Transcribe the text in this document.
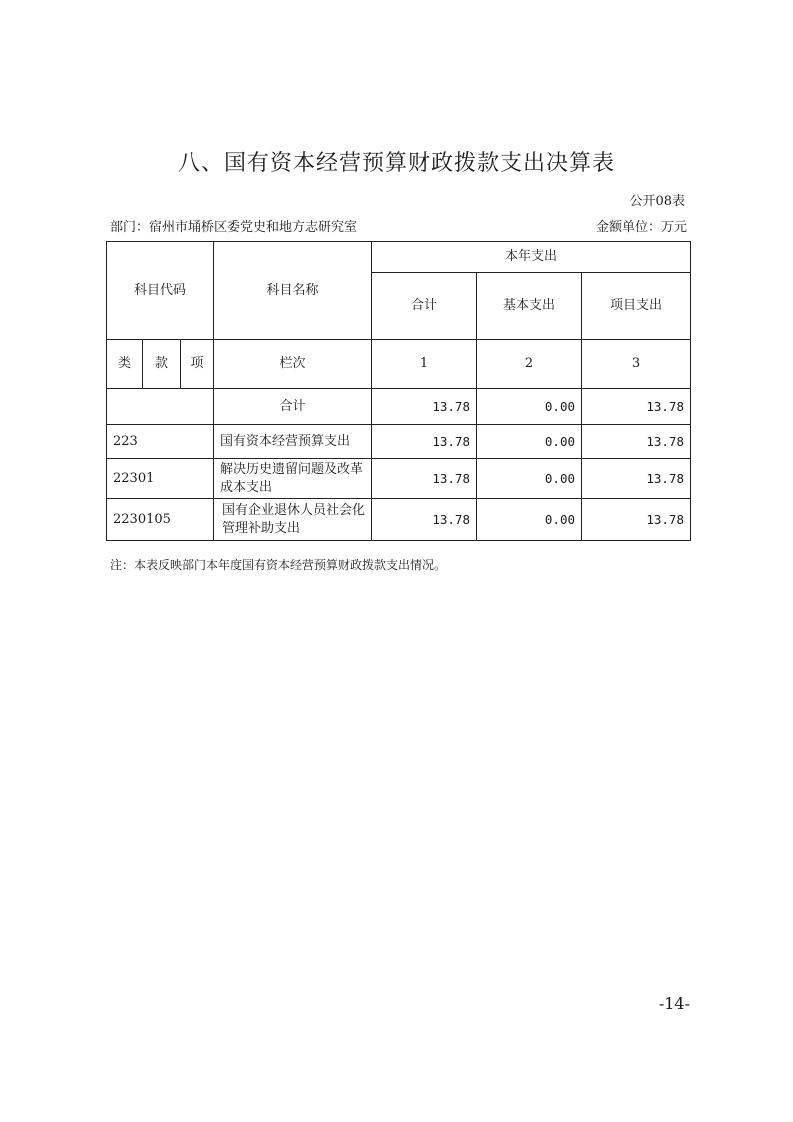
八、国有资本经营预算财政拨款支出决算表
公开08表
部门：宿州市埇桥区委党史和地方志研究室	金额单位：万元
科目代码			科目名称	本年支出		
				合计	基本支出	项目支出
类	款	项	栏次	1	2	3
			合计	13.78	0.00	13.78
223			国有资本经营预算支出	13.78	0.00	13.78
22301			解决历史遗留问题及改革成本支出	13.78	0.00	13.78
2230105			国有企业退休人员社会化管理补助支出	13.78	0.00	13.78
注：本表反映部门本年度国有资本经营预算财政拨款支出情况。
-14-
